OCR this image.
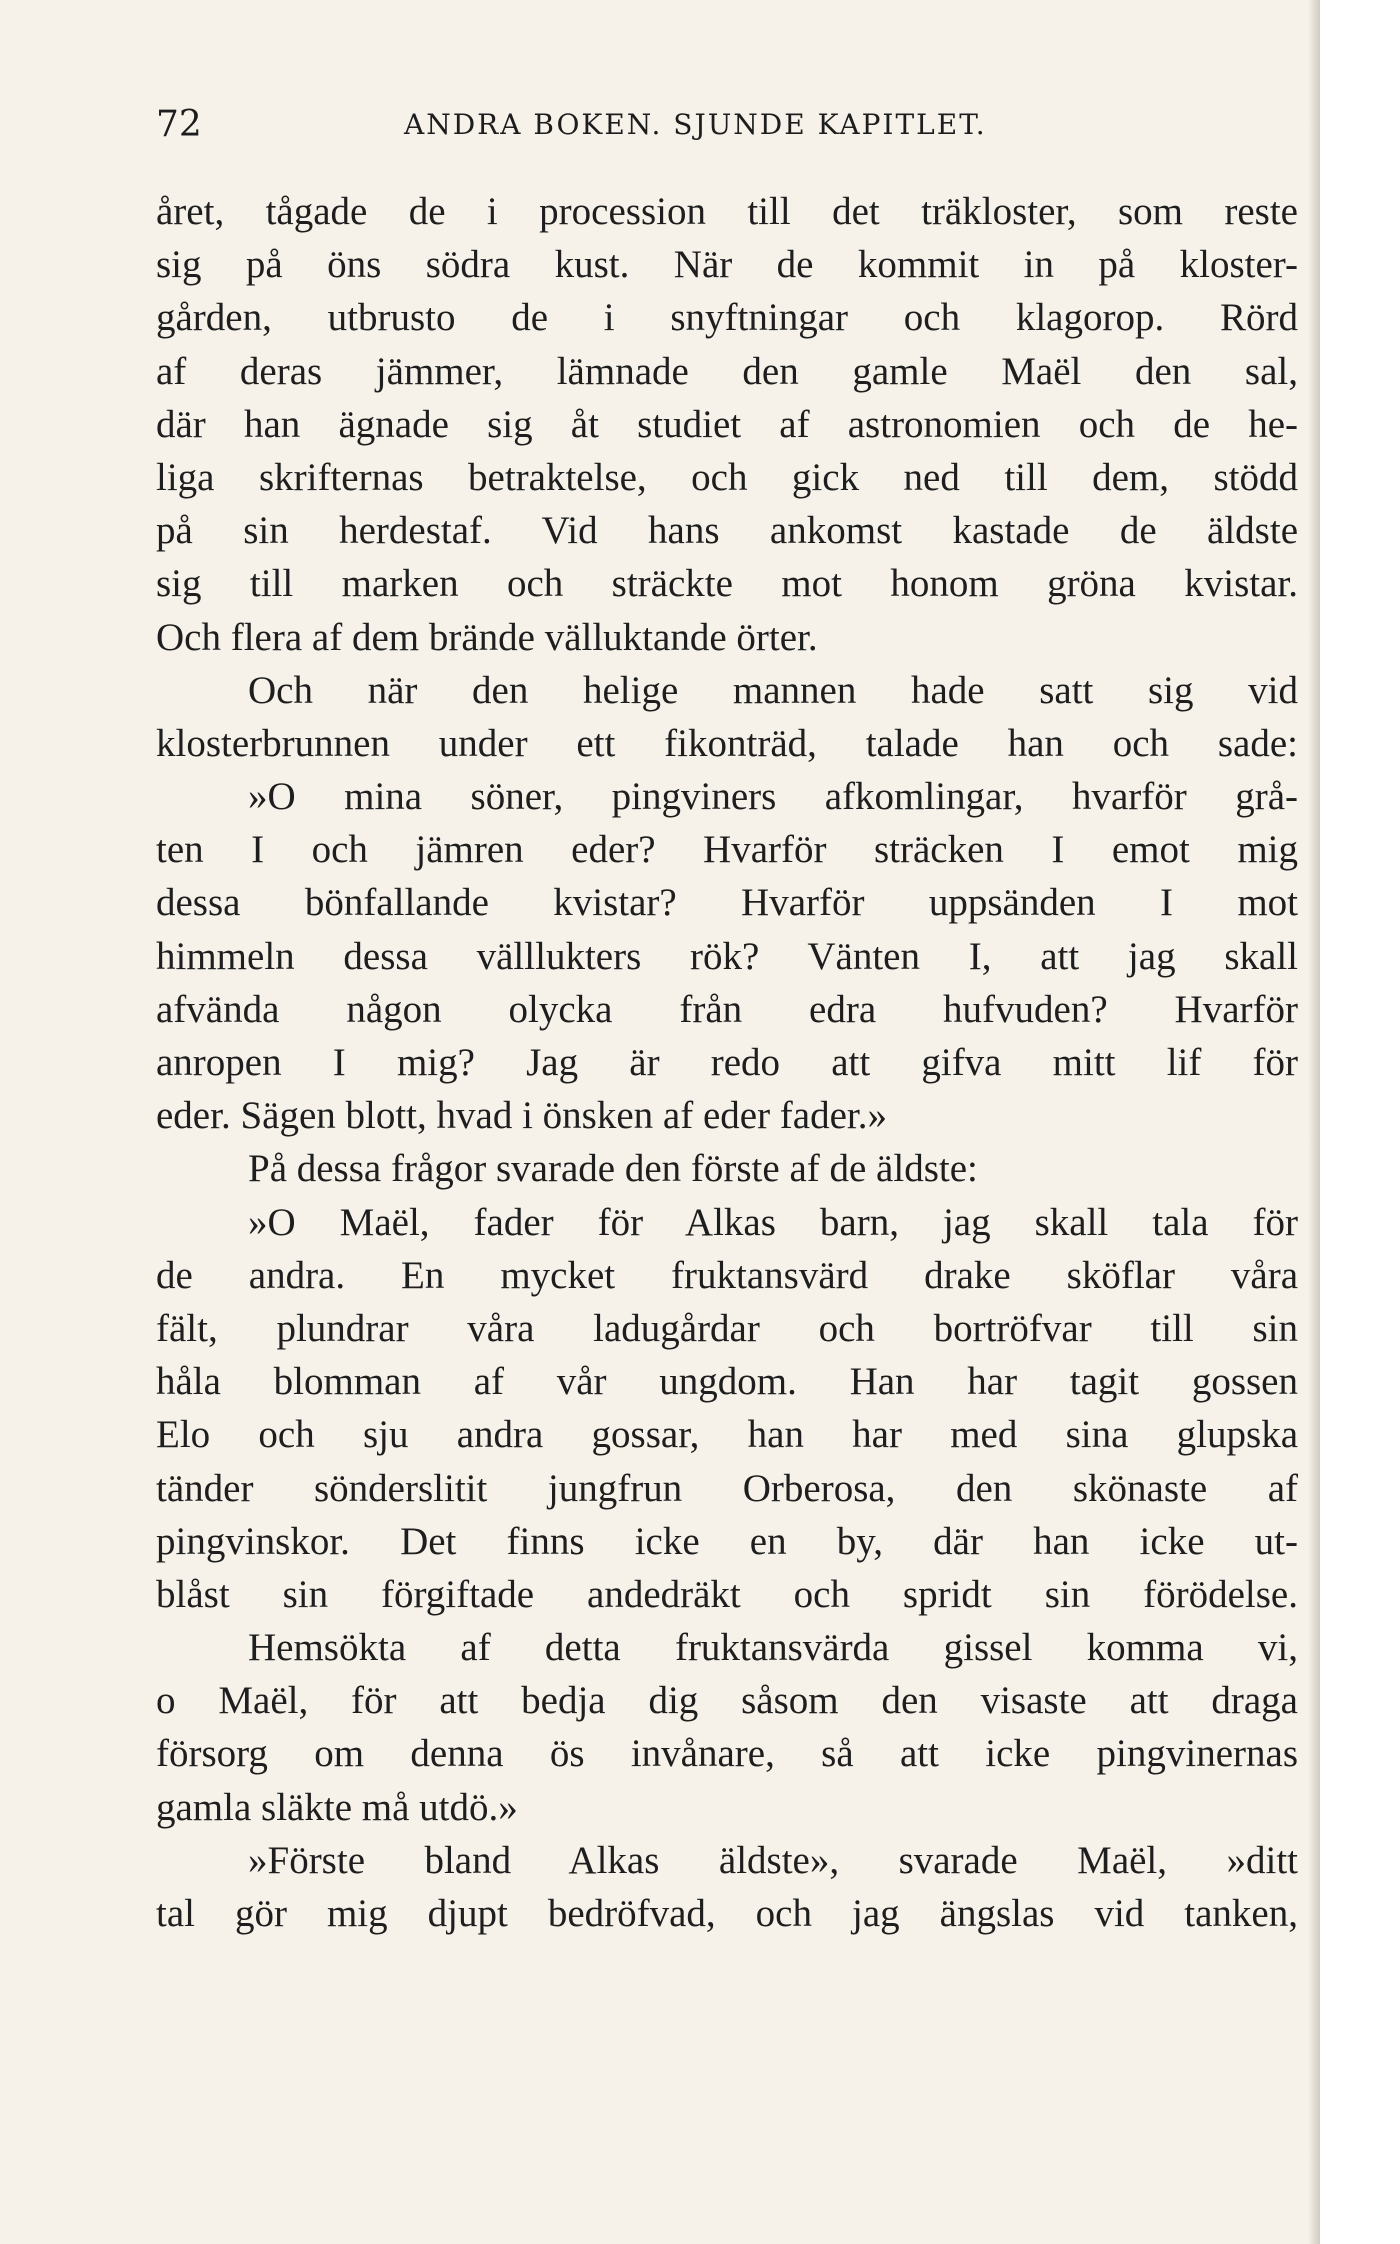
72	ANDRA BOKEN. SJUNDE KAPITLET.
året, tågade de i procession till det träkloster, som reste
sig på öns södra kust. När de kommit in på kloster-
gården, utbrusto de i snyftningar och klagorop. Rörd
af deras jämmer, lämnade den gamle Maël den sal,
där han ägnade sig åt studiet af astronomien och de he-
liga skrifternas betraktelse, och gick ned till dem, stödd
på sin herdestaf. Vid hans ankomst kastade de äldste
sig till marken och sträckte mot honom gröna kvistar.
Och flera af dem brände välluktande örter.
Och när den helige mannen hade satt sig vid
klosterbrunnen under ett fikonträd, talade han och sade:
»O mina söner, pingviners afkomlingar, hvarför grå-
ten I och jämren eder? Hvarför sträcken I emot mig
dessa bönfallande kvistar? Hvarför uppsänden I mot
himmeln dessa välllukters rök? Vänten I, att jag skall
afvända någon olycka från edra hufvuden? Hvarför
anropen I mig? Jag är redo att gifva mitt lif för
eder. Sägen blott, hvad i önsken af eder fader.»
På dessa frågor svarade den förste af de äldste:
»O Maël, fader för Alkas barn, jag skall tala för
de andra. En mycket fruktansvärd drake sköflar våra
fält, plundrar våra ladugårdar och bortröfvar till sin
håla blomman af vår ungdom. Han har tagit gossen
Elo och sju andra gossar, han har med sina glupska
tänder sönderslitit jungfrun Orberosa, den skönaste af
pingvinskor. Det finns icke en by, där han icke ut-
blåst sin förgiftade andedräkt och spridt sin förödelse.
Hemsökta af detta fruktansvärda gissel komma vi,
o Maël, för att bedja dig såsom den visaste att draga
försorg om denna ös invånare, så att icke pingvinernas
gamla släkte må utdö.»
»Förste bland Alkas äldste», svarade Maël, »ditt
tal gör mig djupt bedröfvad, och jag ängslas vid tanken,
